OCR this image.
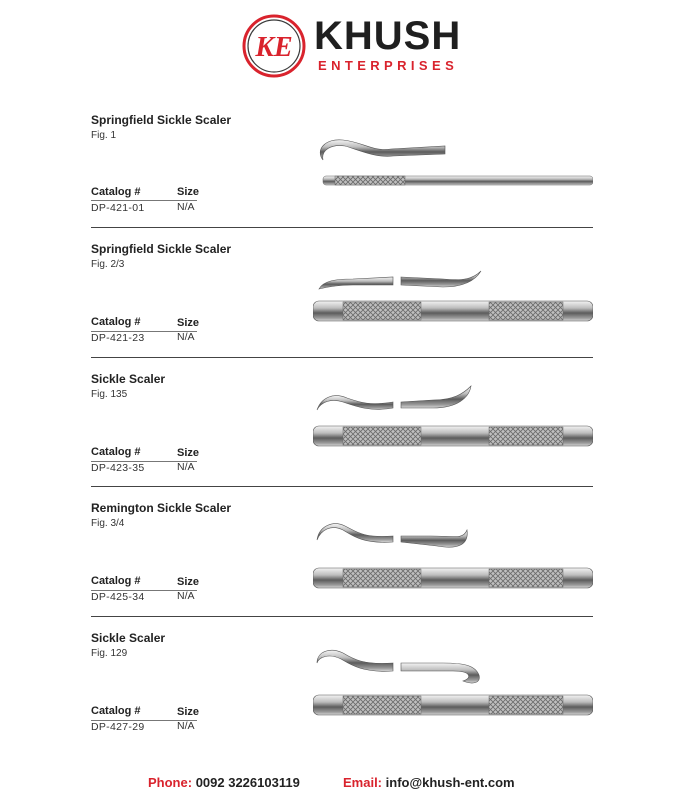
KE KHUSH
ENTERPRISES
Springfield Sickle Scaler
Fig. 1
Catalog #	Size
DP-421-01	N/A
Springfield Sickle Scaler
Fig. 2/3
Catalog #	Size
DP-421-23	N/A
Sickle Scaler
Fig. 135
Catalog #	Size
DP-423-35	N/A
Remington Sickle Scaler
Fig. 3/4
Catalog #	Size
DP-425-34	N/A
Sickle Scaler
Fig. 129
Catalog #	Size
DP-427-29	N/A
Phone: 0092 3226103119	Email: info@khush-ent.com
